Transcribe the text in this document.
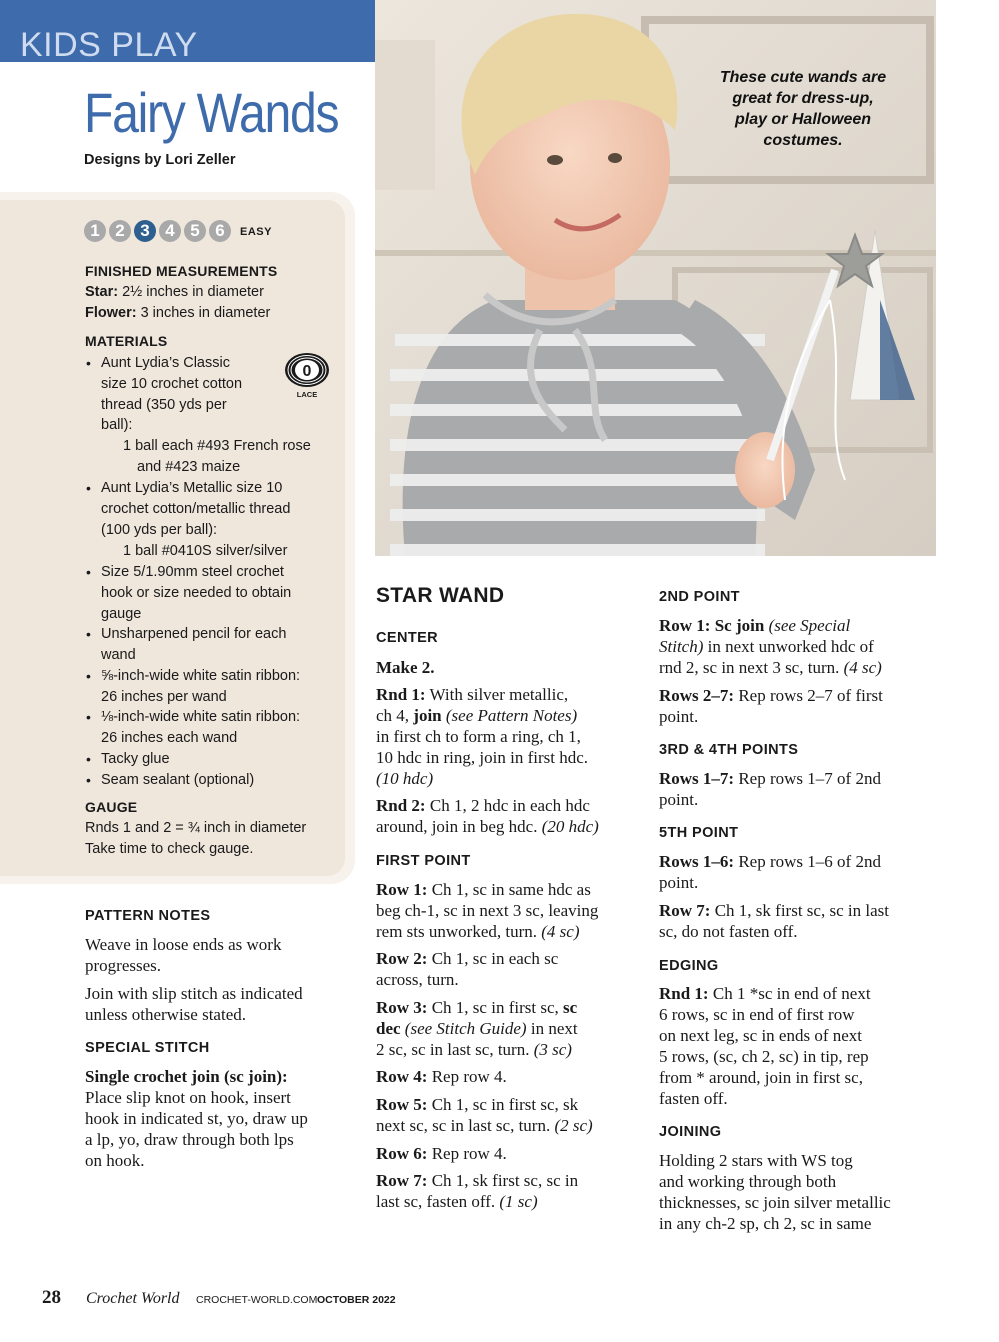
KIDS PLAY
Fairy Wands
Designs by Lori Zeller
1 2 3 4 5 6	EASY
FINISHED MEASUREMENTS
Star: 2½ inches in diameter
Flower: 3 inches in diameter
MATERIALS
0
LACE
• Aunt Lydia’s Classic
size 10 crochet cotton
thread (350 yds per
ball):
1 ball each #493 French rose
and #423 maize
• Aunt Lydia’s Metallic size 10
crochet cotton/metallic thread
(100 yds per ball):
1 ball #0410S silver/silver
• Size 5/1.90mm steel crochet
hook or size needed to obtain
gauge
• Unsharpened pencil for each
wand
• ⅝-inch-wide white satin ribbon:
26 inches per wand
• ⅛-inch-wide white satin ribbon:
26 inches each wand
• Tacky glue
• Seam sealant (optional)
GAUGE
Rnds 1 and 2 = ¾ inch in diameter
Take time to check gauge.
These cute wands are
great for dress-up,
play or Halloween
costumes.
PATTERN NOTES
Weave in loose ends as work
progresses.
Join with slip stitch as indicated
unless otherwise stated.
SPECIAL STITCH
Single crochet join (sc join):
Place slip knot on hook, insert
hook in indicated st, yo, draw up
a lp, yo, draw through both lps
on hook.
STAR WAND
CENTER
Make 2.
Rnd 1: With silver metallic,
ch 4, join (see Pattern Notes)
in first ch to form a ring, ch 1,
10 hdc in ring, join in first hdc.
(10 hdc)
Rnd 2: Ch 1, 2 hdc in each hdc
around, join in beg hdc. (20 hdc)
FIRST POINT
Row 1: Ch 1, sc in same hdc as
beg ch-1, sc in next 3 sc, leaving
rem sts unworked, turn. (4 sc)
Row 2: Ch 1, sc in each sc
across, turn.
Row 3: Ch 1, sc in first sc, sc
dec (see Stitch Guide) in next
2 sc, sc in last sc, turn. (3 sc)
Row 4: Rep row 4.
Row 5: Ch 1, sc in first sc, sk
next sc, sc in last sc, turn. (2 sc)
Row 6: Rep row 4.
Row 7: Ch 1, sk first sc, sc in
last sc, fasten off. (1 sc)
2ND POINT
Row 1: Sc join (see Special
Stitch) in next unworked hdc of
rnd 2, sc in next 3 sc, turn. (4 sc)
Rows 2–7: Rep rows 2–7 of first
point.
3RD & 4TH POINTS
Rows 1–7: Rep rows 1–7 of 2nd
point.
5TH POINT
Rows 1–6: Rep rows 1–6 of 2nd
point.
Row 7: Ch 1, sk first sc, sc in last
sc, do not fasten off.
EDGING
Rnd 1: Ch 1 *sc in end of next
6 rows, sc in end of first row
on next leg, sc in ends of next
5 rows, (sc, ch 2, sc) in tip, rep
from * around, join in first sc,
fasten off.
JOINING
Holding 2 stars with WS tog
and working through both
thicknesses, sc join silver metallic
in any ch-2 sp, ch 2, sc in same
28 Crochet World CROCHET-WORLD.COM OCTOBER 2022
